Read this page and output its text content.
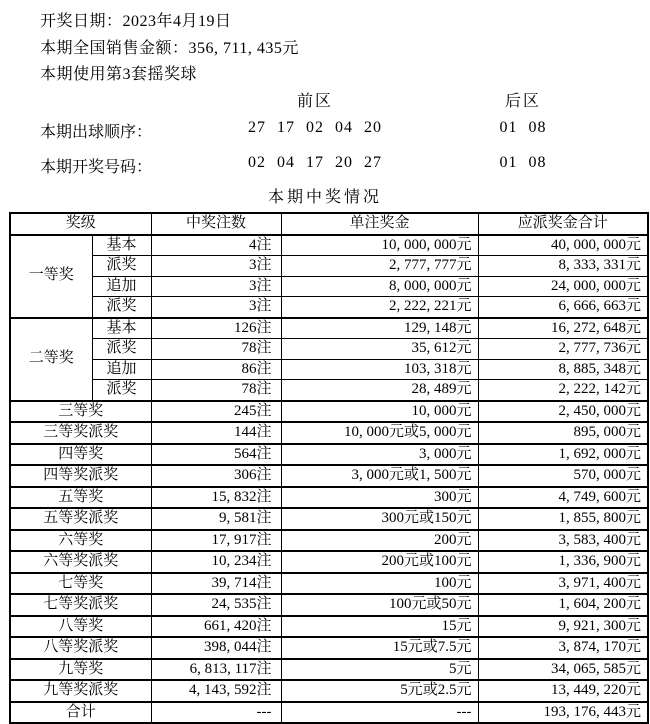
开奖日期：2023年4月19日
本期全国销售金额：356, 711, 435元
本期使用第3套摇奖球
前区	后区
本期出球顺序：	27 17 02 04 20	01 08
本期开奖号码：	02 04 17 20 27	01 08
本期中奖情况
奖级		中奖注数	单注奖金	应派奖金合计
一等奖	基本	4注	10, 000, 000元	40, 000, 000元
	派奖	3注	2, 777, 777元	8, 333, 331元
	追加	3注	8, 000, 000元	24, 000, 000元
	派奖	3注	2, 222, 221元	6, 666, 663元
二等奖	基本	126注	129, 148元	16, 272, 648元
	派奖	78注	35, 612元	2, 777, 736元
	追加	86注	103, 318元	8, 885, 348元
	派奖	78注	28, 489元	2, 222, 142元
三等奖		245注	10, 000元	2, 450, 000元
三等奖派奖		144注	10, 000元或5, 000元	895, 000元
四等奖		564注	3, 000元	1, 692, 000元
四等奖派奖		306注	3, 000元或1, 500元	570, 000元
五等奖		15, 832注	300元	4, 749, 600元
五等奖派奖		9, 581注	300元或150元	1, 855, 800元
六等奖		17, 917注	200元	3, 583, 400元
六等奖派奖		10, 234注	200元或100元	1, 336, 900元
七等奖		39, 714注	100元	3, 971, 400元
七等奖派奖		24, 535注	100元或50元	1, 604, 200元
八等奖		661, 420注	15元	9, 921, 300元
八等奖派奖		398, 044注	15元或7.5元	3, 874, 170元
九等奖		6, 813, 117注	5元	34, 065, 585元
九等奖派奖		4, 143, 592注	5元或2.5元	13, 449, 220元
合计		---	---	193, 176, 443元
